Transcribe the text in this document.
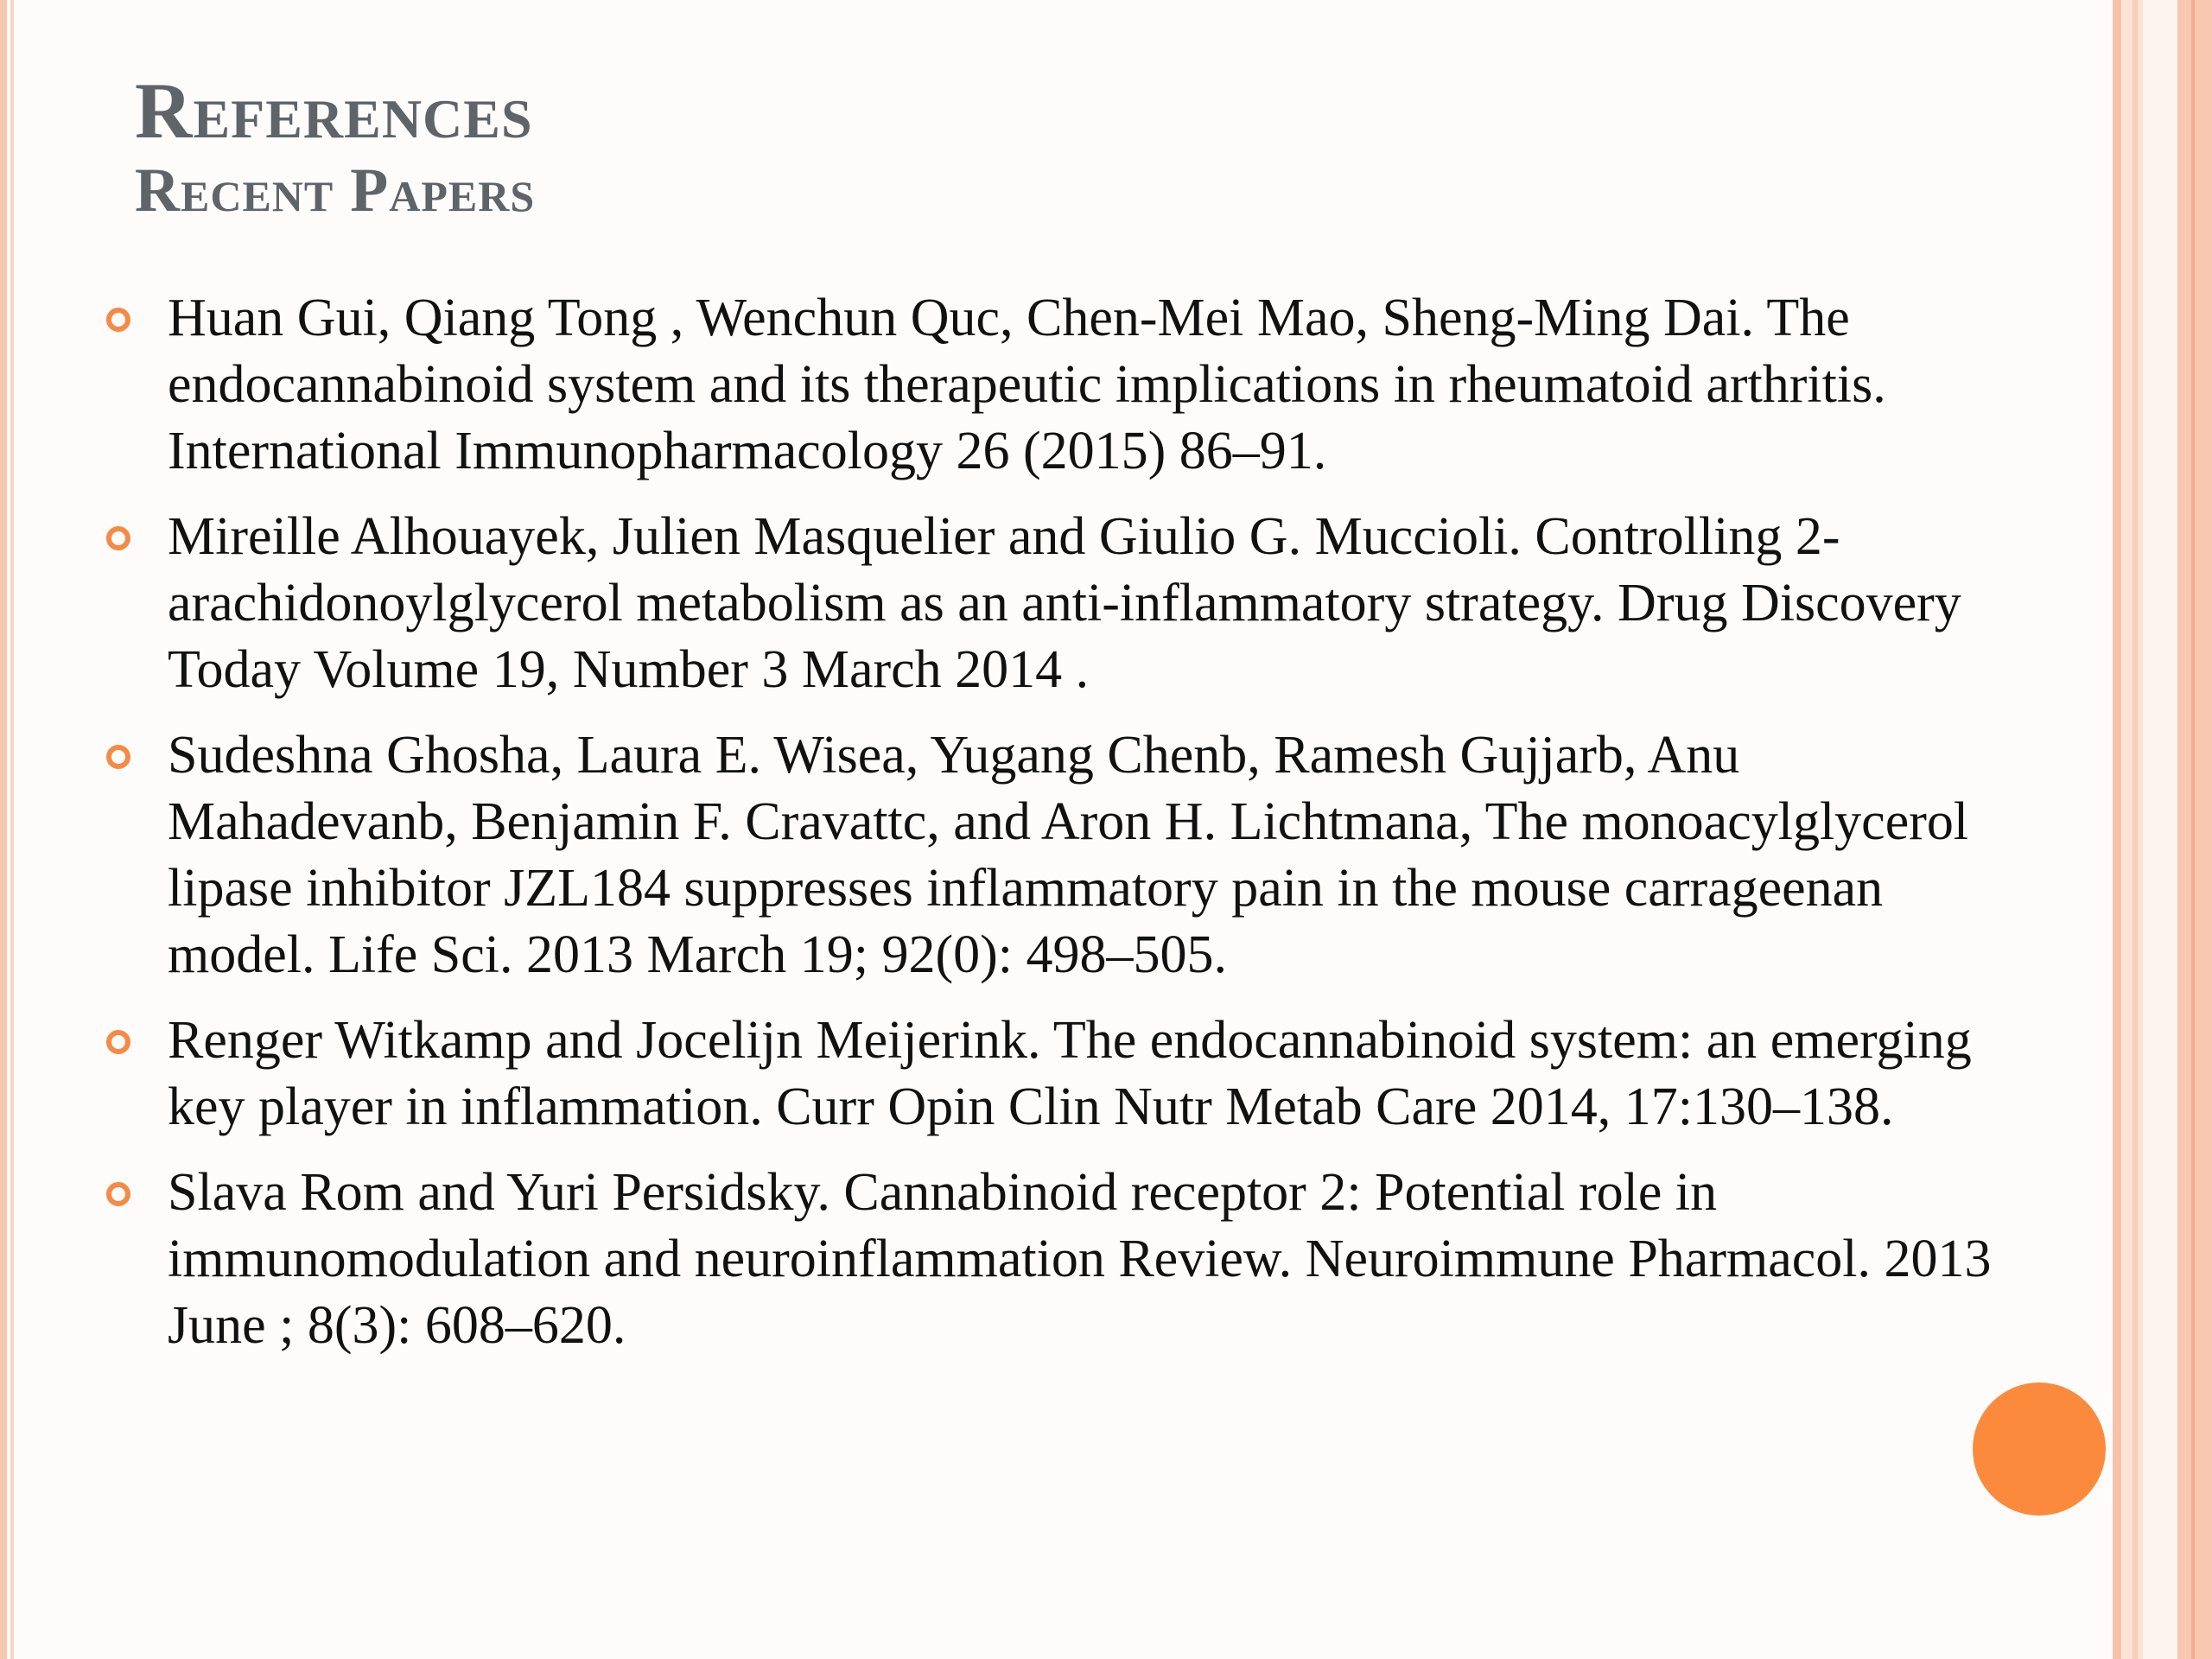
References
Recent Papers
Huan Gui, Qiang Tong , Wenchun Quc, Chen-Mei Mao, Sheng-Ming Dai. The endocannabinoid system and its therapeutic implications in rheumatoid arthritis. International Immunopharmacology 26 (2015) 86–91.
Mireille Alhouayek, Julien Masquelier and Giulio G. Muccioli. Controlling 2-arachidonoylglycerol metabolism as an anti-inflammatory strategy. Drug Discovery Today Volume 19, Number 3 March 2014 .
Sudeshna Ghosha, Laura E. Wisea, Yugang Chenb, Ramesh Gujjarb, Anu Mahadevanb, Benjamin F. Cravattc, and Aron H. Lichtmana, The monoacylglycerol lipase inhibitor JZL184 suppresses inflammatory pain in the mouse carrageenan model. Life Sci. 2013 March 19; 92(0): 498–505.
Renger Witkamp and Jocelijn Meijerink. The endocannabinoid system: an emerging key player in inflammation. Curr Opin Clin Nutr Metab Care 2014, 17:130–138.
Slava Rom and Yuri Persidsky. Cannabinoid receptor 2: Potential role in immunomodulation and neuroinflammation Review. Neuroimmune Pharmacol. 2013 June ; 8(3): 608–620.
